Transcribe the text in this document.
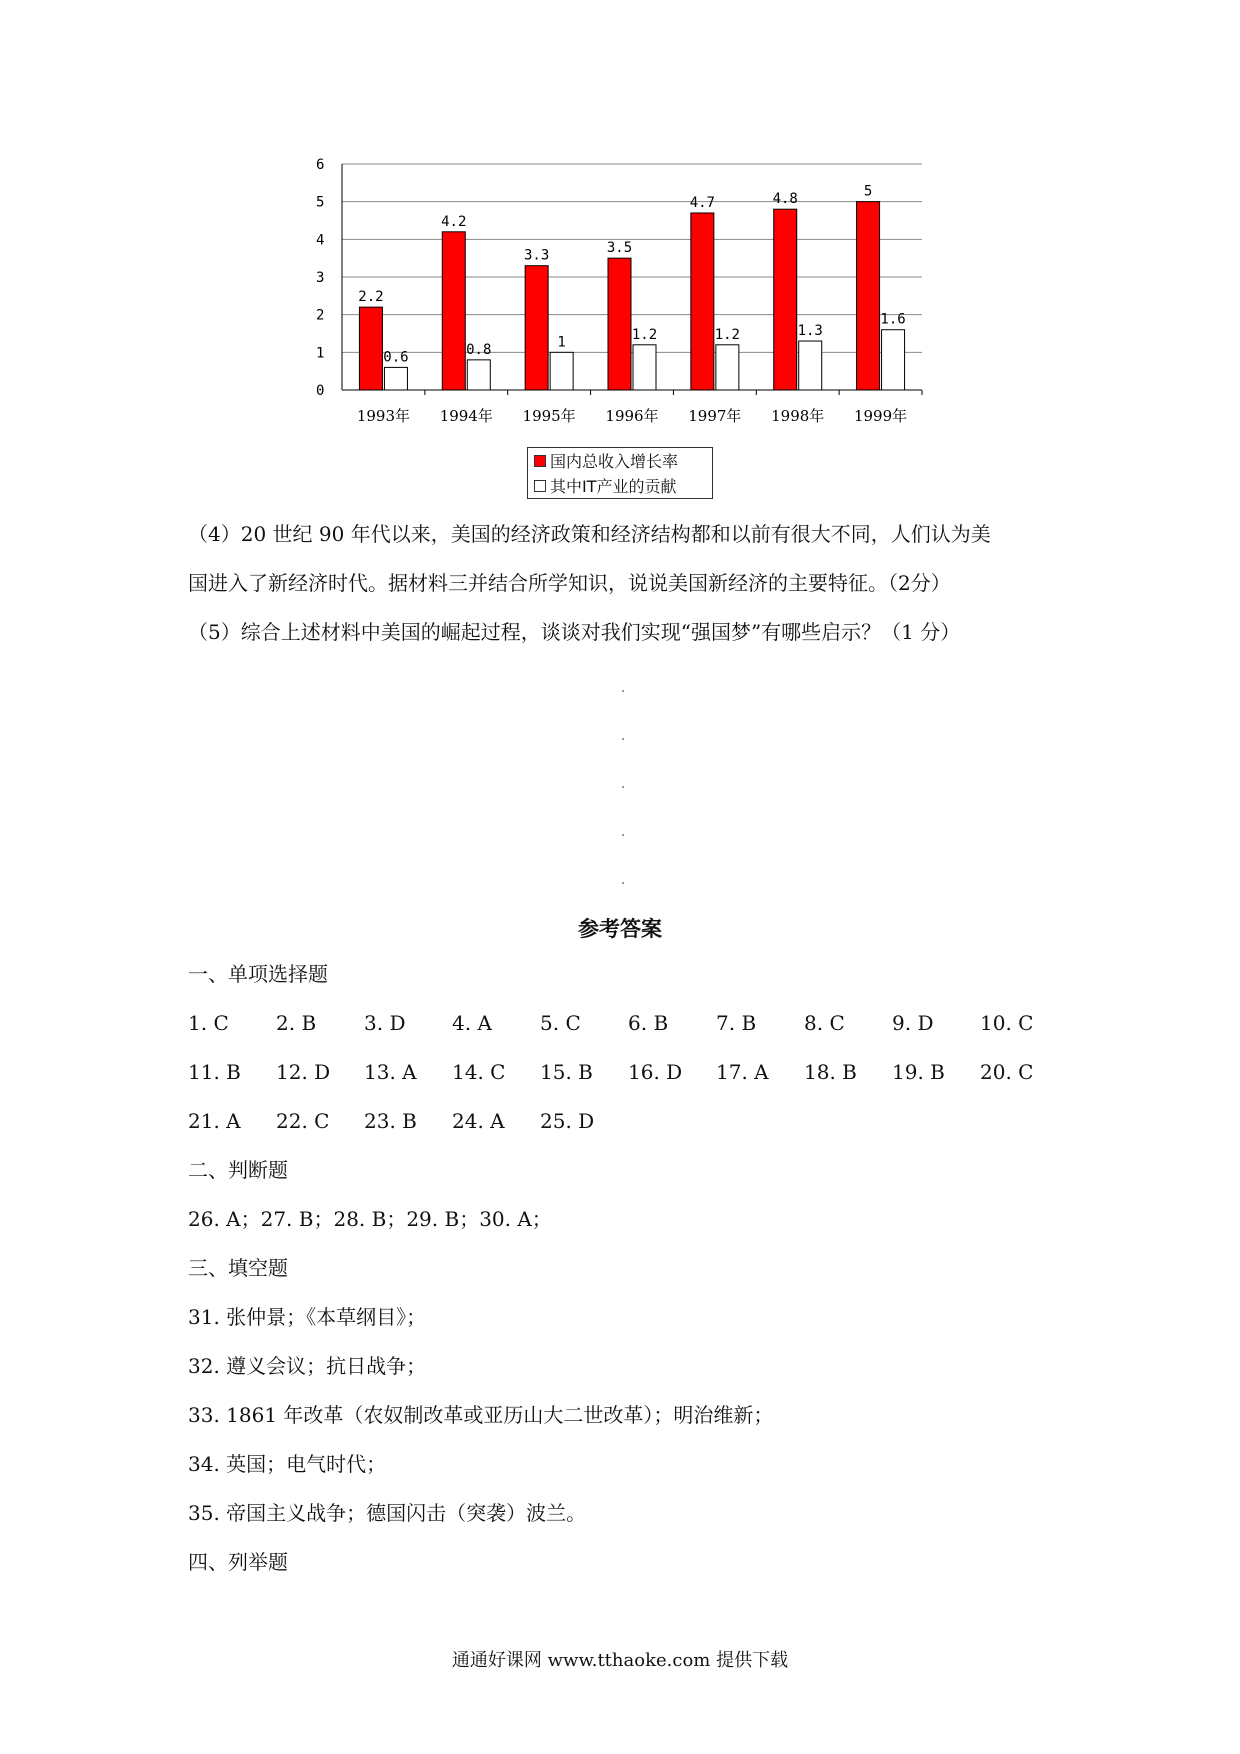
0
1
2
3
4
5
6
1993年
2.2
0.6
1994年
4.2
0.8
1995年
3.3
1
1996年
3.5
1.2
1997年
4.7
1.2
1998年
4.8
1.3
1999年
5
1.6
国内总收入增长率
其中IT产业的贡献
（4）20 世纪 90 年代以来，美国的经济政策和经济结构都和以前有很大不同，人们认为美
国进入了新经济时代。据材料三并结合所学知识，说说美国新经济的主要特征。（2分）
（5）综合上述材料中美国的崛起过程，谈谈对我们实现“强国梦”有哪些启示？（1 分）
参考答案
一、单项选择题
1. C 2. B 3. D 4. A 5. C 6. B 7. B 8. C 9. D 10. C
11. B 12. D 13. A 14. C 15. B 16. D 17. A 18. B 19. B 20. C
21. A 22. C 23. B 24. A 25. D
二、判断题
26. A；27. B；28. B；29. B；30. A；
三、填空题
31. 张仲景；《本草纲目》；
32. 遵义会议；抗日战争；
33. 1861 年改革（农奴制改革或亚历山大二世改革）；明治维新；
34. 英国；电气时代；
35. 帝国主义战争；德国闪击（突袭）波兰。
四、列举题
通通好课网 www.tthaoke.com 提供下载
